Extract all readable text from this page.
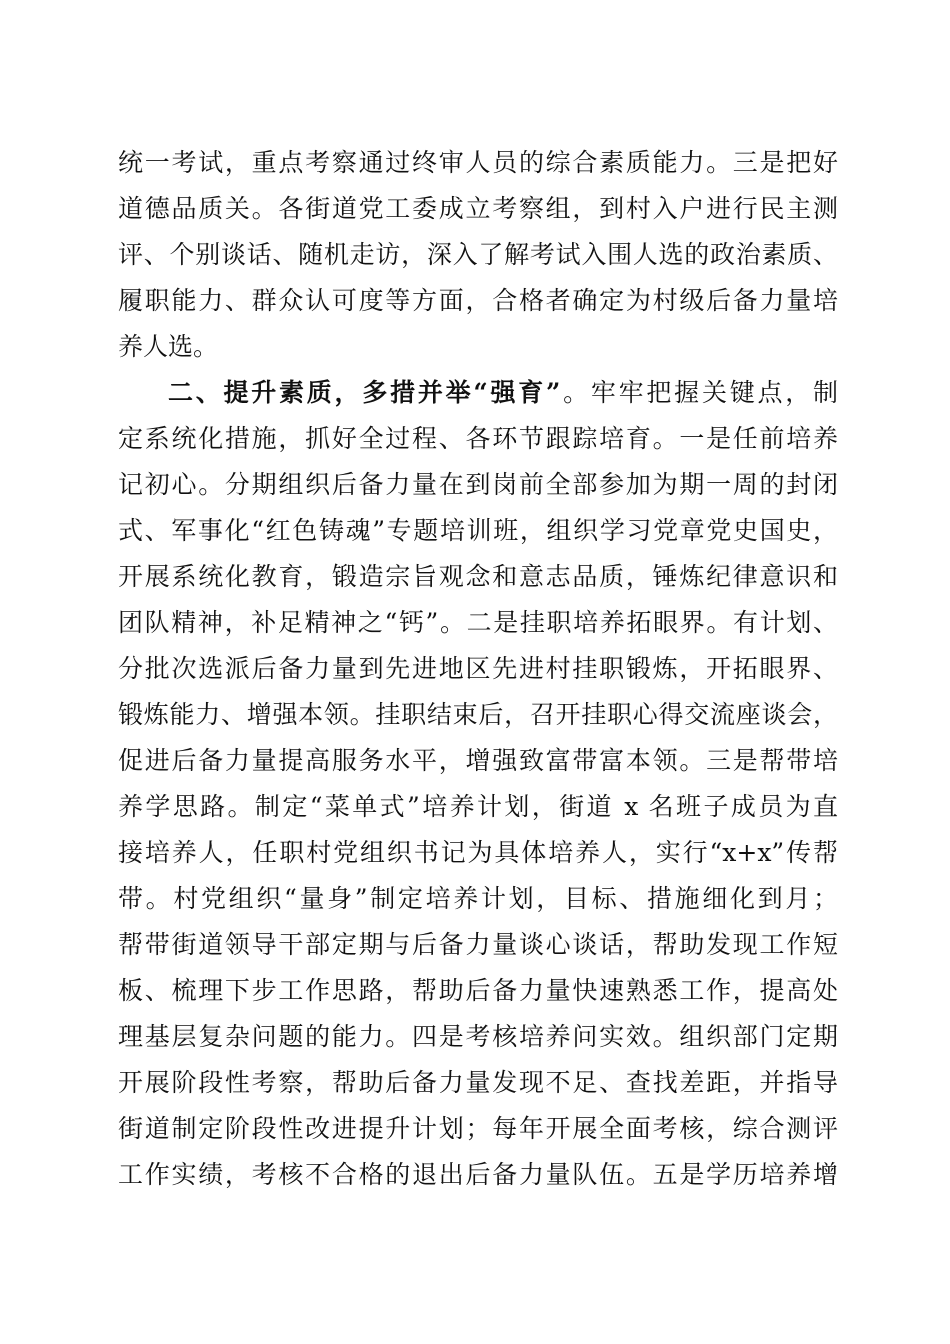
统一考试，重点考察通过终审人员的综合素质能力。三是把好
道德品质关。各街道党工委成立考察组，到村入户进行民主测
评、个别谈话、随机走访，深入了解考试入围人选的政治素质、
履职能力、群众认可度等方面，合格者确定为村级后备力量培
养人选。
二、提升素质，多措并举“强育”。牢牢把握关键点，制
定系统化措施，抓好全过程、各环节跟踪培育。一是任前培养
记初心。分期组织后备力量在到岗前全部参加为期一周的封闭
式、军事化“红色铸魂”专题培训班，组织学习党章党史国史，
开展系统化教育，锻造宗旨观念和意志品质，锤炼纪律意识和
团队精神，补足精神之“钙”。二是挂职培养拓眼界。有计划、
分批次选派后备力量到先进地区先进村挂职锻炼，开拓眼界、
锻炼能力、增强本领。挂职结束后，召开挂职心得交流座谈会，
促进后备力量提高服务水平，增强致富带富本领。三是帮带培
养学思路。制定“菜单式”培养计划，街道 x 名班子成员为直
接培养人，任职村党组织书记为具体培养人，实行“x+x”传帮
带。村党组织“量身”制定培养计划，目标、措施细化到月；
帮带街道领导干部定期与后备力量谈心谈话，帮助发现工作短
板、梳理下步工作思路，帮助后备力量快速熟悉工作，提高处
理基层复杂问题的能力。四是考核培养问实效。组织部门定期
开展阶段性考察，帮助后备力量发现不足、查找差距，并指导
街道制定阶段性改进提升计划；每年开展全面考核，综合测评
工作实绩，考核不合格的退出后备力量队伍。五是学历培养增
